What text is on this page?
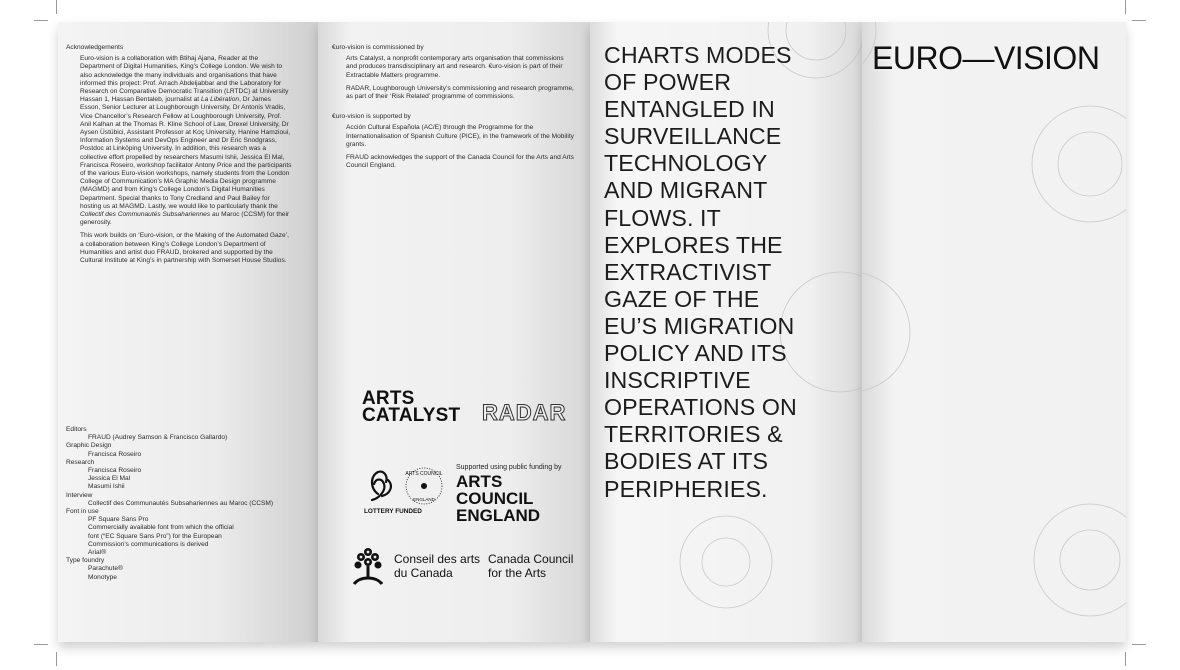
Acknowledgements

Euro-vision is a collaboration with Btihaj Ajana, Reader at the Department of Digital Humanities, King’s College London. We wish to also acknowledge the many individuals and organisations that have informed this project: Prof. Arrach Abdeljabbar and the Laboratory for Research on Comparative Democratic Transition (LRTDC) at University Hassan 1, Hassan Bentaleb, journalist at La Libération, Dr James Esson, Senior Lecturer at Loughborough University, Dr Antonis Vradis, Vice Chancellor’s Research Fellow at Loughborough University, Prof. Anil Kalhan at the Thomas R. Kline School of Law, Drexel University, Dr Aysen Üstübici, Assistant Professor at Koç University, Hanine Hamzioui, Information Systems and DevOps Engineer and Dr Eric Snodgrass, Postdoc at Linköping University. In addition, this research was a collective effort propelled by researchers Masumi Ishii, Jessica El Mal, Francisca Roseiro, workshop facilitator Antony Price and the participants of the various Euro-vision workshops, namely students from the London College of Communication’s MA Graphic Media Design programme (MAGMD) and from King’s College London’s Digital Humanities Department. Special thanks to Tony Credland and Paul Bailey for hosting us at MAGMD. Lastly, we would like to particularly thank the Collectif des Communautés Subsahariennes au Maroc (CCSM) for their generosity.

This work builds on ‘Euro-vision, or the Making of the Automated Gaze’, a collaboration between King’s College London’s Department of Humanities and artist duo FRAUD, brokered and supported by the Cultural Institute at King’s in partnership with Somerset House Studios.

Editors
FRAUD (Audrey Samson & Francisco Gallardo)
Graphic Design
Francisca Roseiro
Research
Francisca Roseiro
Jessica El Mal
Masumi Ishii
Interview
Collectif des Communautés Subsahariennes au Maroc (CCSM)
Font in use
PF Square Sans Pro
Commercially available font from which the official
font (“EC Square Sans Pro”) for the European
Commission’s communications is derived
Arial®
Type foundry
Parachute®
Monotype
€uro-vision is commissioned by

Arts Catalyst, a nonprofit contemporary arts organisation that commissions and produces transdisciplinary art and research. €uro-vision is part of their Extractable Matters programme.

RADAR, Loughborough University’s commissioning and research programme, as part of their ‘Risk Related’ programme of commissions.

€uro-vision is supported by

Acción Cultural Española (AC/E) through the Programme for the Internationalisation of Spanish Culture (PICE), in the framework of the Mobility grants.

FRAUD acknowledges the support of the Canada Council for the Arts and Arts Council England.

ARTS
CATALYST RADAR
ARTS COUNCIL
ENGLAND
LOTTERY FUNDED
Supported using public funding by
ARTS COUNCIL
ENGLAND
Conseil des arts
du Canada
Canada Council
for the Arts
CHARTS MODES
OF POWER
ENTANGLED IN
SURVEILLANCE
TECHNOLOGY
AND MIGRANT
FLOWS. IT
EXPLORES THE
EXTRACTIVIST
GAZE OF THE
EU’S MIGRATION
POLICY AND ITS
INSCRIPTIVE
OPERATIONS ON
TERRITORIES &
BODIES AT ITS
PERIPHERIES.
EURO—VISION
